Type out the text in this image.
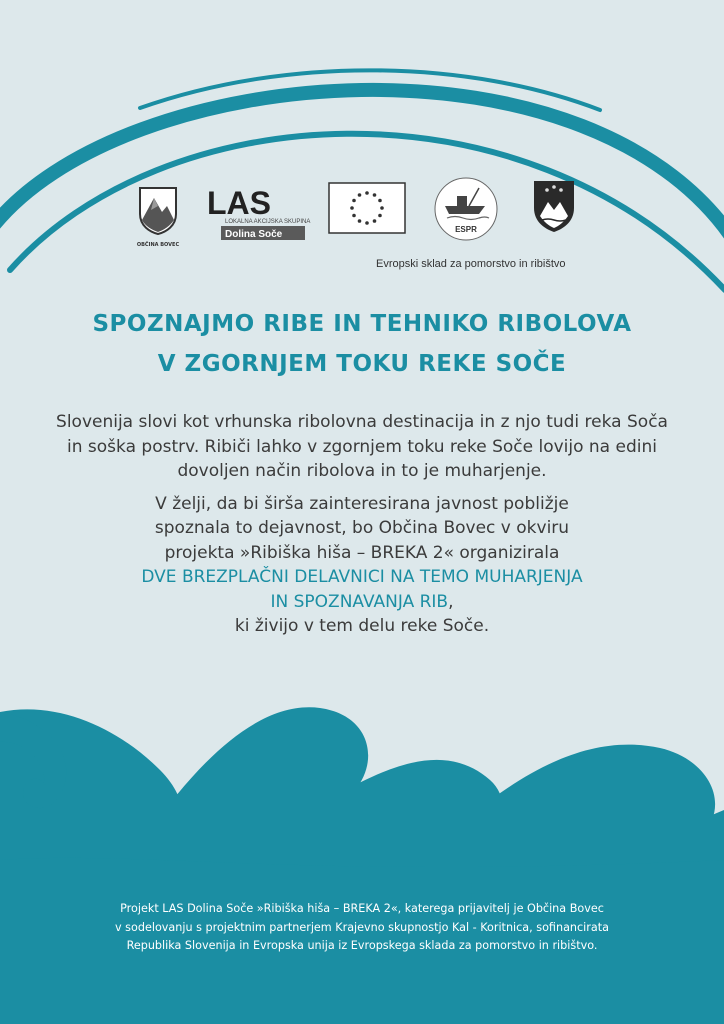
OBČINA BOVEC
LAS
LOKALNA AKCIJSKA SKUPINA
Dolina Soče	ESPR
Evropski sklad za pomorstvo in ribištvo
SPOZNAJMO RIBE IN TEHNIKO RIBOLOVA
V ZGORNJEM TOKU REKE SOČE

Slovenija slovi kot vrhunska ribolovna destinacija in z njo tudi reka Soča in soška postrv. Ribiči lahko v zgornjem toku reke Soče lovijo na edini dovoljen način ribolova in to je muharjenje.

V želji, da bi širša zainteresirana javnost pobližje
spoznala to dejavnost, bo Občina Bovec v okviru
projekta »Ribiška hiša – BREKA 2« organizirala
DVE BREZPLAČNI DELAVNICI NA TEMO MUHARJENJA
IN SPOZNAVANJA RIB,
ki živijo v tem delu reke Soče.

Projekt LAS Dolina Soče »Ribiška hiša – BREKA 2«, katerega prijavitelj je Občina Bovec
v sodelovanju s projektnim partnerjem Krajevno skupnostjo Kal - Koritnica, sofinancirata
Republika Slovenija in Evropska unija iz Evropskega sklada za pomorstvo in ribištvo.
